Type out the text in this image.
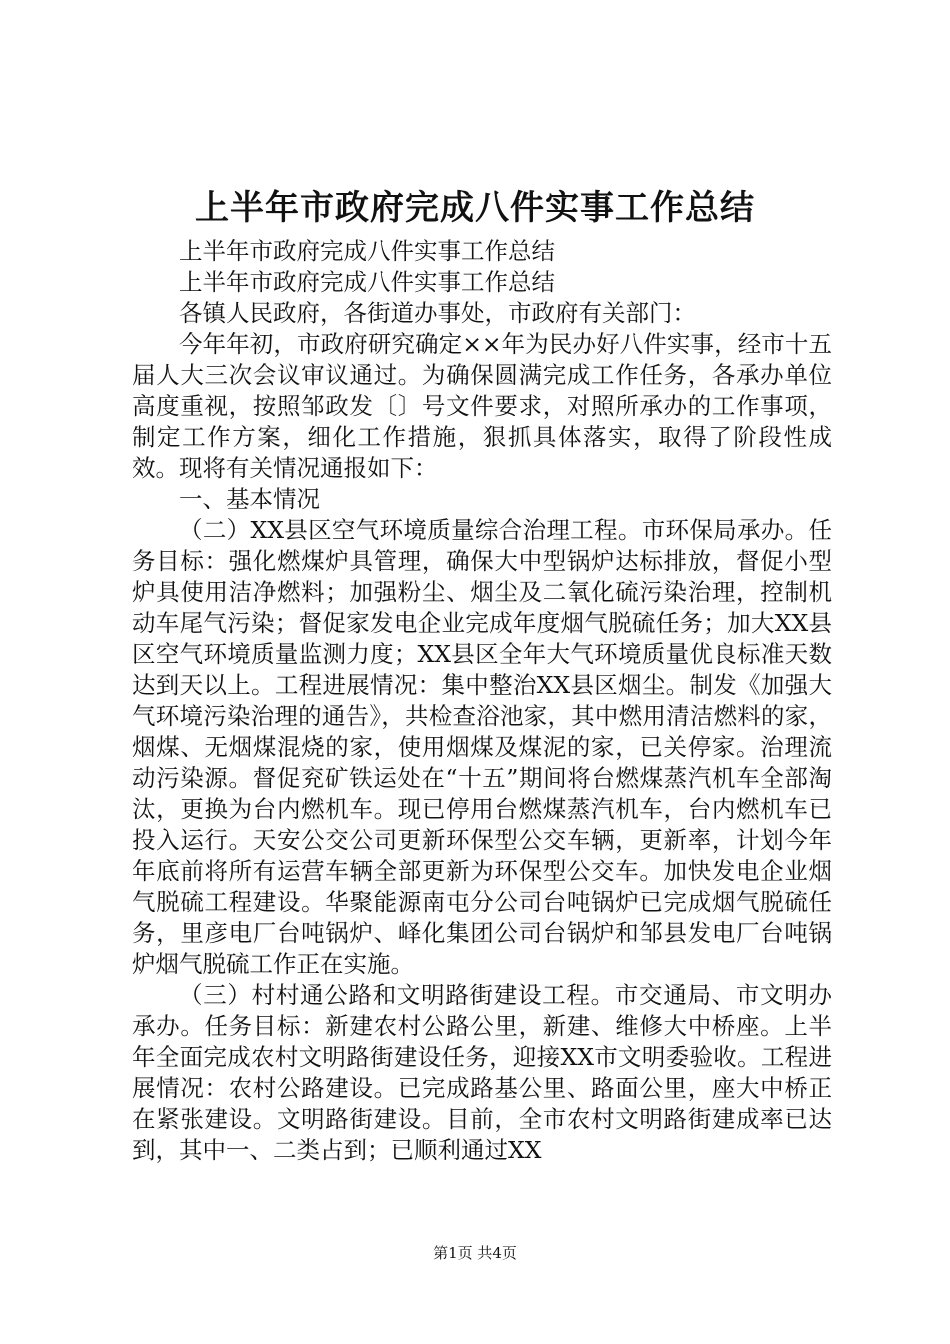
上半年市政府完成八件实事工作总结

上半年市政府完成八件实事工作总结

上半年市政府完成八件实事工作总结

各镇人民政府，各街道办事处，市政府有关部门：

今年年初，市政府研究确定××年为民办好八件实事，经市十五届人大三次会议审议通过。为确保圆满完成工作任务，各承办单位高度重视，按照邹政发〔〕号文件要求，对照所承办的工作事项，制定工作方案，细化工作措施，狠抓具体落实，取得了阶段性成效。现将有关情况通报如下：

一、基本情况

（二）XX县区空气环境质量综合治理工程。市环保局承办。任务目标：强化燃煤炉具管理，确保大中型锅炉达标排放，督促小型炉具使用洁净燃料；加强粉尘、烟尘及二氧化硫污染治理，控制机动车尾气污染；督促家发电企业完成年度烟气脱硫任务；加大XX县区空气环境质量监测力度；XX县区全年大气环境质量优良标准天数达到天以上。工程进展情况：集中整治XX县区烟尘。制发《加强大气环境污染治理的通告》，共检查浴池家，其中燃用清洁燃料的家，烟煤、无烟煤混烧的家，使用烟煤及煤泥的家，已关停家。治理流动污染源。督促兖矿铁运处在“十五”期间将台燃煤蒸汽机车全部淘汰，更换为台内燃机车。现已停用台燃煤蒸汽机车，台内燃机车已投入运行。天安公交公司更新环保型公交车辆，更新率，计划今年年底前将所有运营车辆全部更新为环保型公交车。加快发电企业烟气脱硫工程建设。华聚能源南屯分公司台吨锅炉已完成烟气脱硫任务，里彦电厂台吨锅炉、峄化集团公司台锅炉和邹县发电厂台吨锅炉烟气脱硫工作正在实施。

（三）村村通公路和文明路街建设工程。市交通局、市文明办承办。任务目标：新建农村公路公里，新建、维修大中桥座。上半年全面完成农村文明路街建设任务，迎接XX市文明委验收。工程进展情况：农村公路建设。已完成路基公里、路面公里，座大中桥正在紧张建设。文明路街建设。目前，全市农村文明路街建成率已达到，其中一、二类占到；已顺利通过XX

第1页 共4页
